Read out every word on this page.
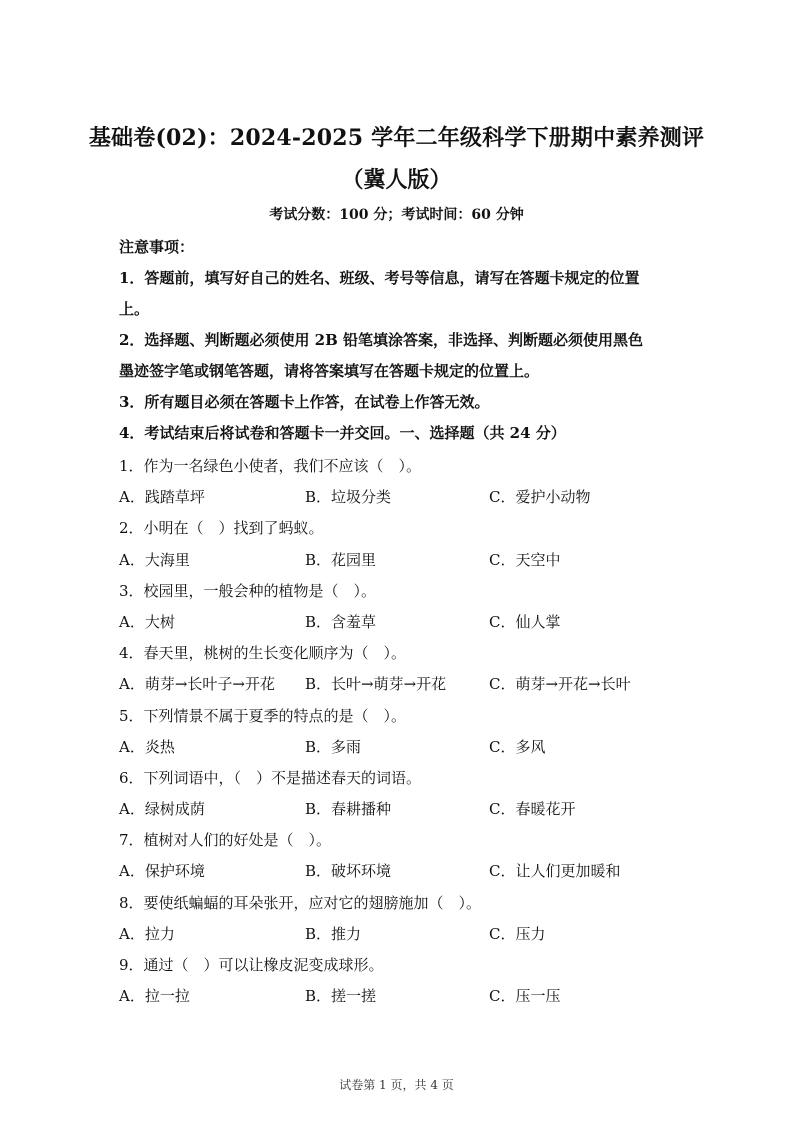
基础卷(02)：2024-2025 学年二年级科学下册期中素养测评
（冀人版）
考试分数：100 分；考试时间：60 分钟
注意事项：
1．答题前，填写好自己的姓名、班级、考号等信息，请写在答题卡规定的位置
上。
2．选择题、判断题必须使用 2B 铅笔填涂答案，非选择、判断题必须使用黑色
墨迹签字笔或钢笔答题，请将答案填写在答题卡规定的位置上。
3．所有题目必须在答题卡上作答，在试卷上作答无效。
4．考试结束后将试卷和答题卡一并交回。一、选择题（共 24 分）
1．作为一名绿色小使者，我们不应该（　）。
A．践踏草坪	B．垃圾分类	C．爱护小动物
2．小明在（　）找到了蚂蚁。
A．大海里	B．花园里	C．天空中
3．校园里，一般会种的植物是（　）。
A．大树	B．含羞草	C．仙人掌
4．春天里，桃树的生长变化顺序为（　）。
A．萌芽→长叶子→开花 B．长叶→萌芽→开花	C．萌芽→开花→长叶
5．下列情景不属于夏季的特点的是（　）。
A．炎热	B．多雨	C．多风
6．下列词语中，（　）不是描述春天的词语。
A．绿树成荫	B．春耕播种	C．春暖花开
7．植树对人们的好处是（　）。
A．保护环境	B．破坏环境	C．让人们更加暖和
8．要使纸蝙蝠的耳朵张开，应对它的翅膀施加（　）。
A．拉力	B．推力	C．压力
9．通过（　）可以让橡皮泥变成球形。
A．拉一拉	B．搓一搓	C．压一压
试卷第 1 页，共 4 页
